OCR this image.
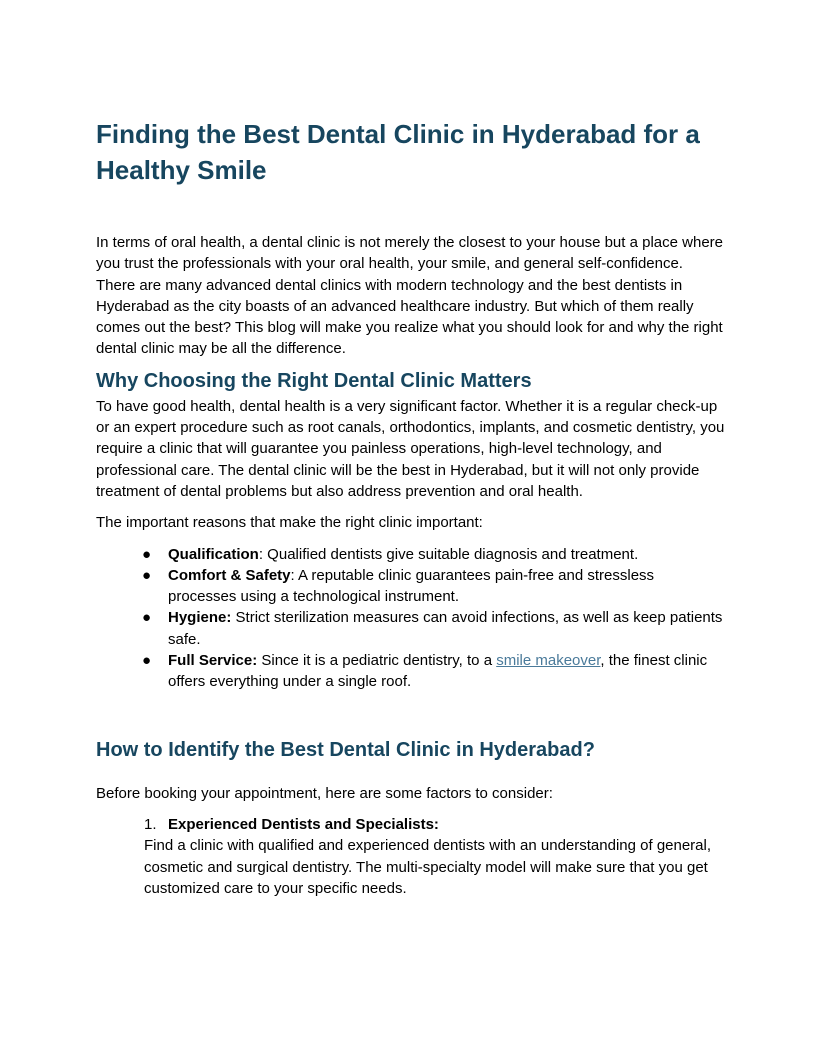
Finding the Best Dental Clinic in Hyderabad for a Healthy Smile

In terms of oral health, a dental clinic is not merely the closest to your house but a place where you trust the professionals with your oral health, your smile, and general self-confidence. There are many advanced dental clinics with modern technology and the best dentists in Hyderabad as the city boasts of an advanced healthcare industry. But which of them really comes out the best? This blog will make you realize what you should look for and why the right dental clinic may be all the difference.

Why Choosing the Right Dental Clinic Matters

To have good health, dental health is a very significant factor. Whether it is a regular check-up or an expert procedure such as root canals, orthodontics, implants, and cosmetic dentistry, you require a clinic that will guarantee you painless operations, high-level technology, and professional care. The dental clinic will be the best in Hyderabad, but it will not only provide treatment of dental problems but also address prevention and oral health.

The important reasons that make the right clinic important:

● Qualification: Qualified dentists give suitable diagnosis and treatment.
● Comfort & Safety: A reputable clinic guarantees pain-free and stressless processes using a technological instrument.
● Hygiene: Strict sterilization measures can avoid infections, as well as keep patients safe.
● Full Service: Since it is a pediatric dentistry, to a smile makeover, the finest clinic offers everything under a single roof.
How to Identify the Best Dental Clinic in Hyderabad?

Before booking your appointment, here are some factors to consider:

1. Experienced Dentists and Specialists:
Find a clinic with qualified and experienced dentists with an understanding of general, cosmetic and surgical dentistry. The multi-specialty model will make sure that you get customized care to your specific needs.
